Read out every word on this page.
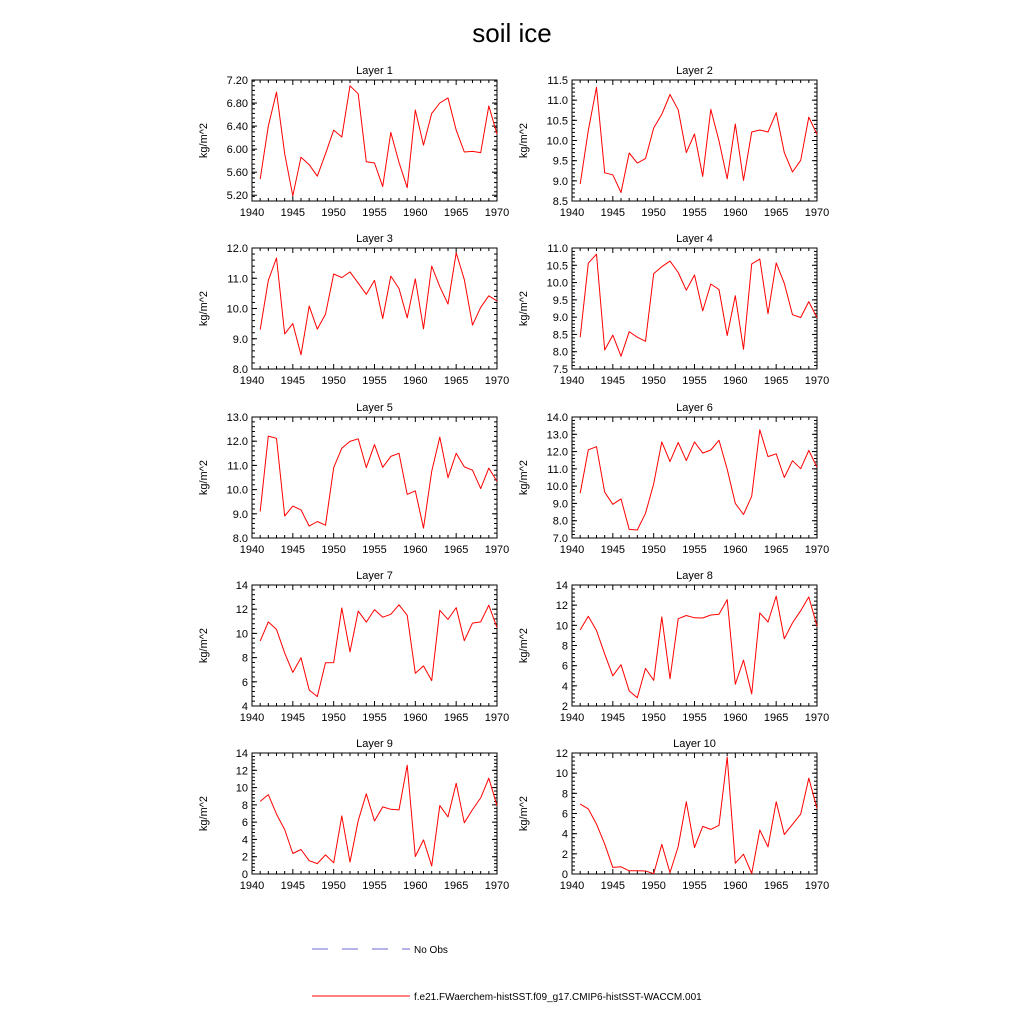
soil ice
Layer 1
1940 1945 1950 1955 1960 1965 1970
5.20
5.60
6.00
6.40
6.80
7.20
kg/m^2
Layer 2
1940 1945 1950 1955 1960 1965 1970
8.5
9.0
9.5
10.0
10.5
11.0
11.5
kg/m^2
Layer 3
1940 1945 1950 1955 1960 1965 1970
8.0
9.0
10.0
11.0
12.0
kg/m^2
Layer 4
1940 1945 1950 1955 1960 1965 1970
7.5
8.0
8.5
9.0
9.5
10.0
10.5
11.0
kg/m^2
Layer 5
1940 1945 1950 1955 1960 1965 1970
8.0
9.0
10.0
11.0
12.0
13.0
kg/m^2
Layer 6
1940 1945 1950 1955 1960 1965 1970
7.0
8.0
9.0
10.0
11.0
12.0
13.0
14.0
kg/m^2
Layer 7
1940 1945 1950 1955 1960 1965 1970
4
6
8
10
12
14
kg/m^2
Layer 8
1940 1945 1950 1955 1960 1965 1970
2
4
6
8
10
12
14
kg/m^2
Layer 9
1940 1945 1950 1955 1960 1965 1970
0
2
4
6
8
10
12
14
kg/m^2
Layer 10
1940 1945 1950 1955 1960 1965 1970
0
2
4
6
8
10
12
kg/m^2
No Obs
f.e21.FWaerchem-histSST.f09_g17.CMIP6-histSST-WACCM.001
